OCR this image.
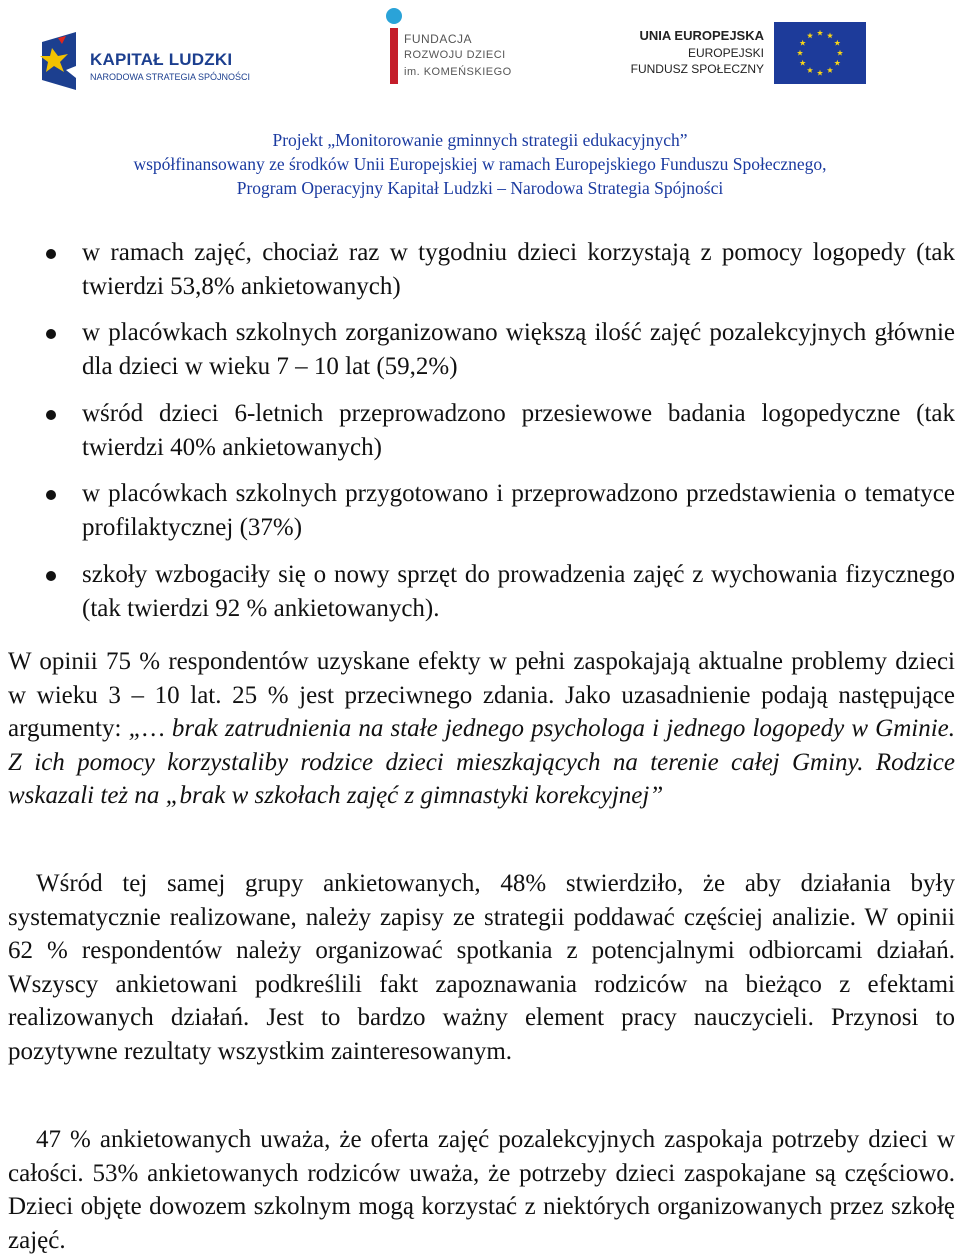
KAPITAŁ LUDZKI
NARODOWA STRATEGIA SPÓJNOŚCI
FUNDACJA
ROZWOJU DZIECI
im. KOMEŃSKIEGO
UNIA EUROPEJSKA
EUROPEJSKI
FUNDUSZ SPOŁECZNY
Projekt „Monitorowanie gminnych strategii edukacyjnych”
współfinansowany ze środków Unii Europejskiej w ramach Europejskiego Funduszu Społecznego,
Program Operacyjny Kapitał Ludzki – Narodowa Strategia Spójności
w ramach zajęć, chociaż raz w tygodniu dzieci korzystają z pomocy logopedy (tak twierdzi 53,8% ankietowanych)
w placówkach szkolnych zorganizowano większą ilość zajęć pozalekcyjnych głównie dla dzieci w wieku 7 – 10 lat (59,2%)
wśród dzieci 6-letnich przeprowadzono przesiewowe badania logopedyczne (tak twierdzi 40% ankietowanych)
w placówkach szkolnych przygotowano i przeprowadzono przedstawienia o tematyce profilaktycznej (37%)
szkoły wzbogaciły się o nowy sprzęt do prowadzenia zajęć z wychowania fizycznego (tak twierdzi 92 % ankietowanych).

W opinii 75 % respondentów uzyskane efekty w pełni zaspokajają aktualne problemy dzieci w wieku 3 – 10 lat. 25 % jest przeciwnego zdania. Jako uzasadnienie podają następujące argumenty: „… brak zatrudnienia na stałe jednego psychologa i jednego logopedy w Gminie. Z ich pomocy korzystaliby rodzice dzieci mieszkających na terenie całej Gminy. Rodzice wskazali też na „brak w szkołach zajęć z gimnastyki korekcyjnej”

Wśród tej samej grupy ankietowanych, 48% stwierdziło, że aby działania były systematycznie realizowane, należy zapisy ze strategii poddawać częściej analizie. W opinii 62 % respondentów należy organizować spotkania z potencjalnymi odbiorcami działań. Wszyscy ankietowani podkreślili fakt zapoznawania rodziców na bieżąco z efektami realizowanych działań. Jest to bardzo ważny element pracy nauczycieli. Przynosi to pozytywne rezultaty wszystkim zainteresowanym.

47 % ankietowanych uważa, że oferta zajęć pozalekcyjnych zaspokaja potrzeby dzieci w całości. 53% ankietowanych rodziców uważa, że potrzeby dzieci zaspokajane są częściowo. Dzieci objęte dowozem szkolnym mogą korzystać z niektórych organizowanych przez szkołę zajęć.
